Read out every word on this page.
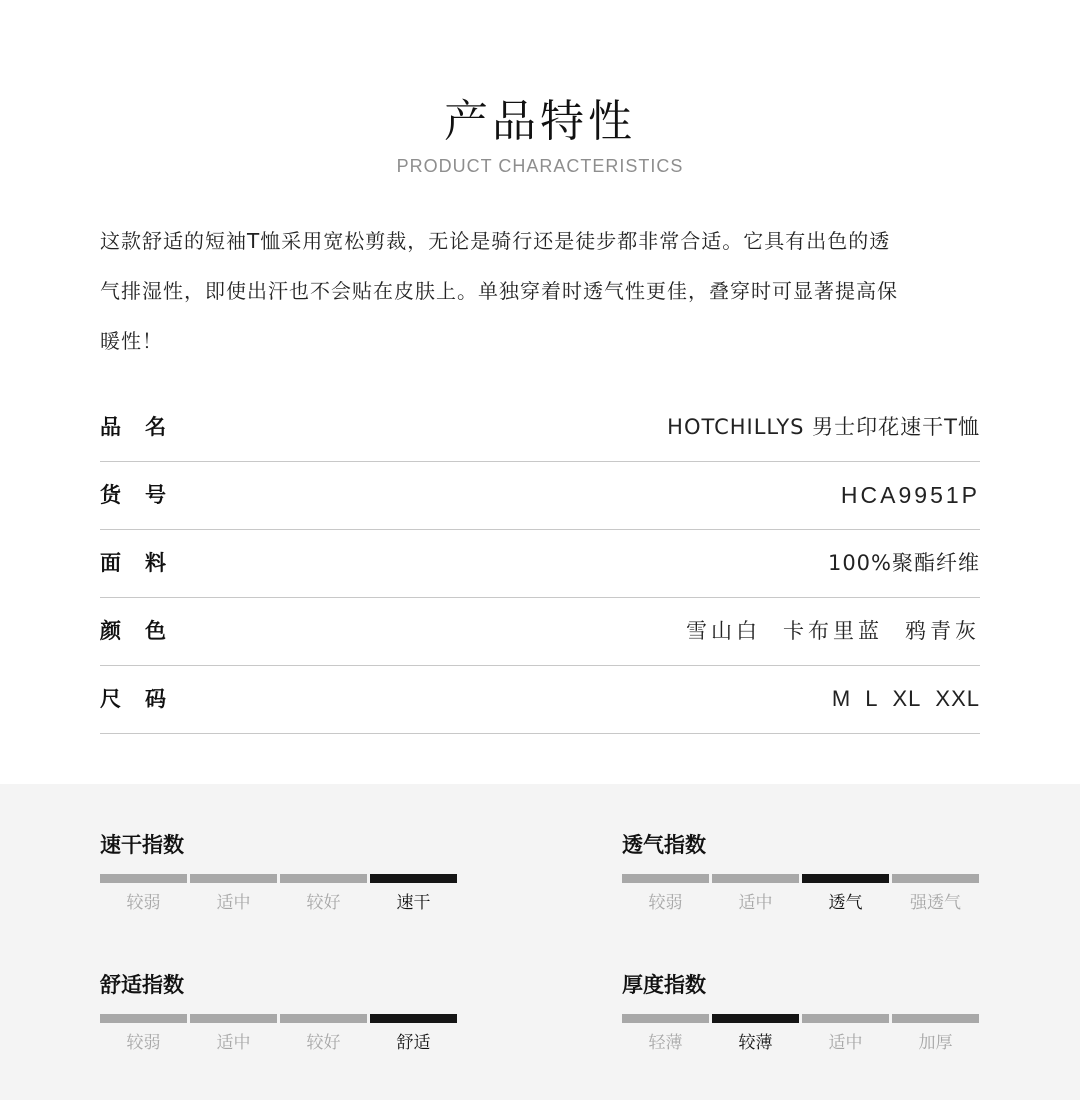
产品特性
PRODUCT CHARACTERISTICS
这款舒适的短袖T恤采用宽松剪裁，无论是骑行还是徒步都非常合适。它具有出色的透
气排湿性，即使出汗也不会贴在皮肤上。单独穿着时透气性更佳，叠穿时可显著提高保
暖性！
品名	HOTCHILLYS 男士印花速干T恤
货号	HCA9951P
面料	100%聚酯纤维
颜色	雪山白 卡布里蓝 鸦青灰
尺码	M L XL XXL
速干指数
较弱	适中	较好	速干
透气指数
较弱	适中	透气	强透气
舒适指数
较弱	适中	较好	舒适
厚度指数
轻薄	较薄	适中	加厚
